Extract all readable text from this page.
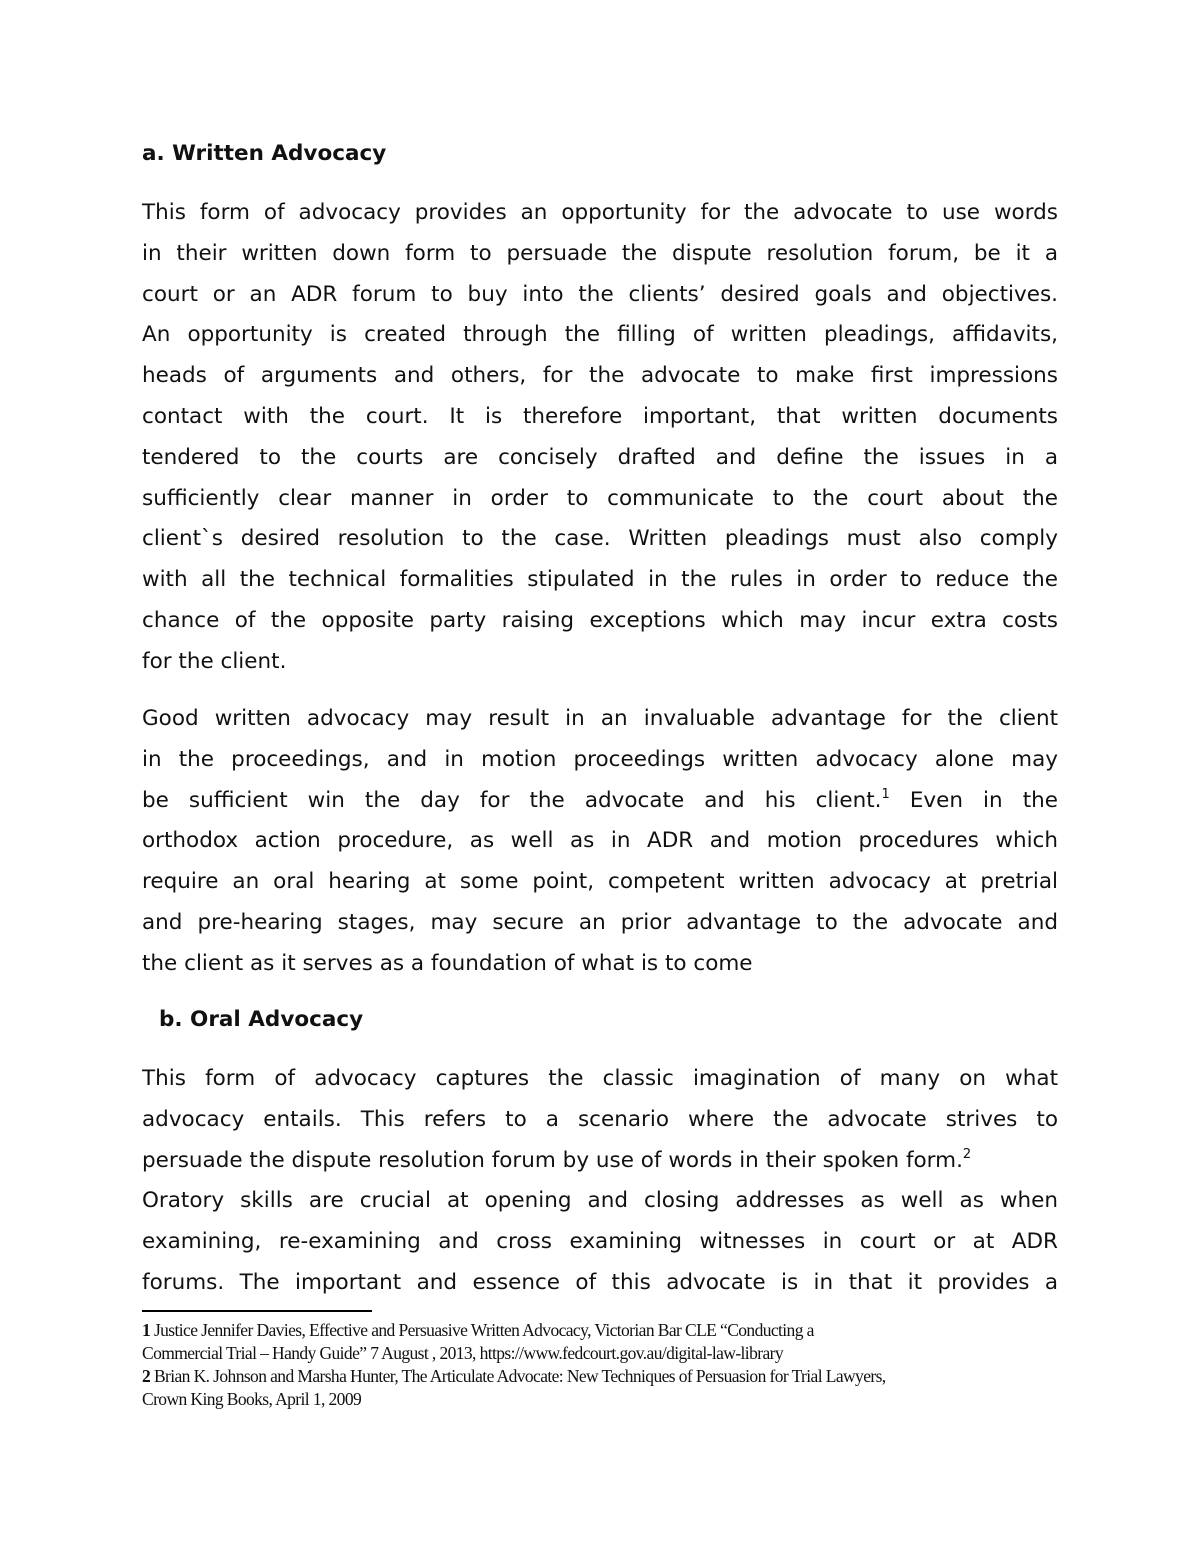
a. Written Advocacy
This form of advocacy provides an opportunity for the advocate to use words
in their written down form to persuade the dispute resolution forum, be it a
court or an ADR forum to buy into the clients’ desired goals and objectives.
An opportunity is created through the filling of written pleadings, affidavits,
heads of arguments and others, for the advocate to make first impressions
contact with the court. It is therefore important, that written documents
tendered to the courts are concisely drafted and define the issues in a
sufficiently clear manner in order to communicate to the court about the
client`s desired resolution to the case. Written pleadings must also comply
with all the technical formalities stipulated in the rules in order to reduce the
chance of the opposite party raising exceptions which may incur extra costs
for the client.
Good written advocacy may result in an invaluable advantage for the client
in the proceedings, and in motion proceedings written advocacy alone may
be sufficient win the day for the advocate and his client.$^1$ Even in the
orthodox action procedure, as well as in ADR and motion procedures which
require an oral hearing at some point, competent written advocacy at pretrial
and pre-hearing stages, may secure an prior advantage to the advocate and
the client as it serves as a foundation of what is to come
b. Oral Advocacy
This form of advocacy captures the classic imagination of many on what
advocacy entails. This refers to a scenario where the advocate strives to
persuade the dispute resolution forum by use of words in their spoken form.$^2$
Oratory skills are crucial at opening and closing addresses as well as when
examining, re-examining and cross examining witnesses in court or at ADR
forums. The important and essence of this advocate is in that it provides a
1 Justice Jennifer Davies, Effective and Persuasive Written Advocacy, Victorian Bar CLE “Conducting a
Commercial Trial – Handy Guide” 7 August , 2013, https://www.fedcourt.gov.au/digital-law-library
2 Brian K. Johnson and Marsha Hunter, The Articulate Advocate: New Techniques of Persuasion for Trial Lawyers,
Crown King Books, April 1, 2009
